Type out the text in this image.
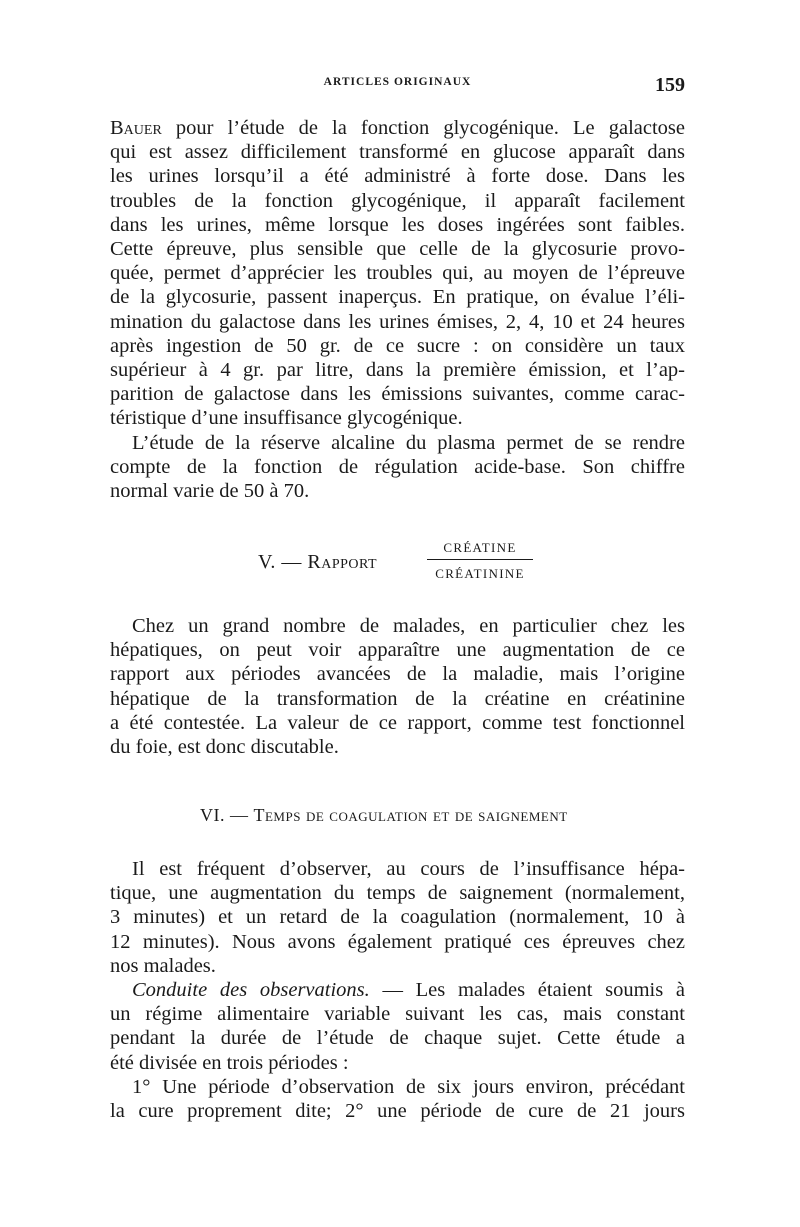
ARTICLES ORIGINAUX	159

Bauer pour l’étude de la fonction glycogénique. Le galactose

qui est assez difficilement transformé en glucose apparaît dans

les urines lorsqu’il a été administré à forte dose. Dans les

troubles de la fonction glycogénique, il apparaît facilement

dans les urines, même lorsque les doses ingérées sont faibles.

Cette épreuve, plus sensible que celle de la glycosurie provo-

quée, permet d’apprécier les troubles qui, au moyen de l’épreuve

de la glycosurie, passent inaperçus. En pratique, on évalue l’éli-

mination du galactose dans les urines émises, 2, 4, 10 et 24 heures

après ingestion de 50 gr. de ce sucre : on considère un taux

supérieur à 4 gr. par litre, dans la première émission, et l’ap-

parition de galactose dans les émissions suivantes, comme carac-

téristique d’une insuffisance glycogénique.

L’étude de la réserve alcaline du plasma permet de se rendre

compte de la fonction de régulation acide-base. Son chiffre

normal varie de 50 à 70.

V. — Rapport
CRÉATINE
CRÉATININE

Chez un grand nombre de malades, en particulier chez les

hépatiques, on peut voir apparaître une augmentation de ce

rapport aux périodes avancées de la maladie, mais l’origine

hépatique de la transformation de la créatine en créatinine

a été contestée. La valeur de ce rapport, comme test fonctionnel

du foie, est donc discutable.

VI. — Temps de coagulation et de saignement

Il est fréquent d’observer, au cours de l’insuffisance hépa-

tique, une augmentation du temps de saignement (normalement,

3 minutes) et un retard de la coagulation (normalement, 10 à

12 minutes). Nous avons également pratiqué ces épreuves chez

nos malades.

Conduite des observations. — Les malades étaient soumis à

un régime alimentaire variable suivant les cas, mais constant

pendant la durée de l’étude de chaque sujet. Cette étude a

été divisée en trois périodes :

1° Une période d’observation de six jours environ, précédant

la cure proprement dite; 2° une période de cure de 21 jours
